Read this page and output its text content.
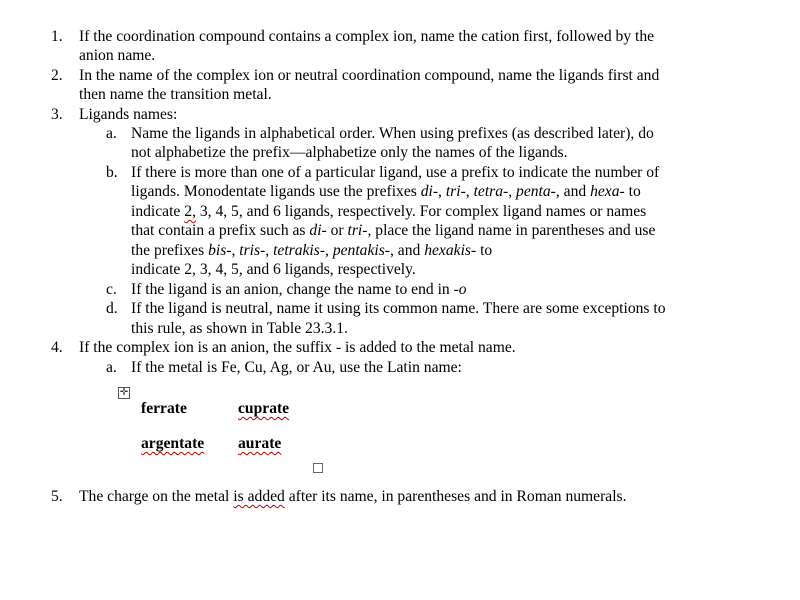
1. If the coordination compound contains a complex ion, name the cation first, followed by the
anion name.
2. In the name of the complex ion or neutral coordination compound, name the ligands first and
then name the transition metal.
3. Ligands names:
a. Name the ligands in alphabetical order. When using prefixes (as described later), do
not alphabetize the prefix—alphabetize only the names of the ligands.
b. If there is more than one of a particular ligand, use a prefix to indicate the number of
ligands. Monodentate ligands use the prefixes di-, tri-, tetra-, penta-, and hexa- to
indicate 2, 3, 4, 5, and 6 ligands, respectively. For complex ligand names or names
that contain a prefix such as di- or tri-, place the ligand name in parentheses and use
the prefixes bis-, tris-, tetrakis-, pentakis-, and hexakis- to
indicate 2, 3, 4, 5, and 6 ligands, respectively.
c. If the ligand is an anion, change the name to end in -o
d. If the ligand is neutral, name it using its common name. There are some exceptions to
this rule, as shown in Table 23.3.1.
4. If the complex ion is an anion, the suffix - is added to the metal name.
a. If the metal is Fe, Cu, Ag, or Au, use the Latin name:
5. The charge on the metal is added after its name, in parentheses and in Roman numerals.
✛
ferrate	cuprate
argentate aurate
